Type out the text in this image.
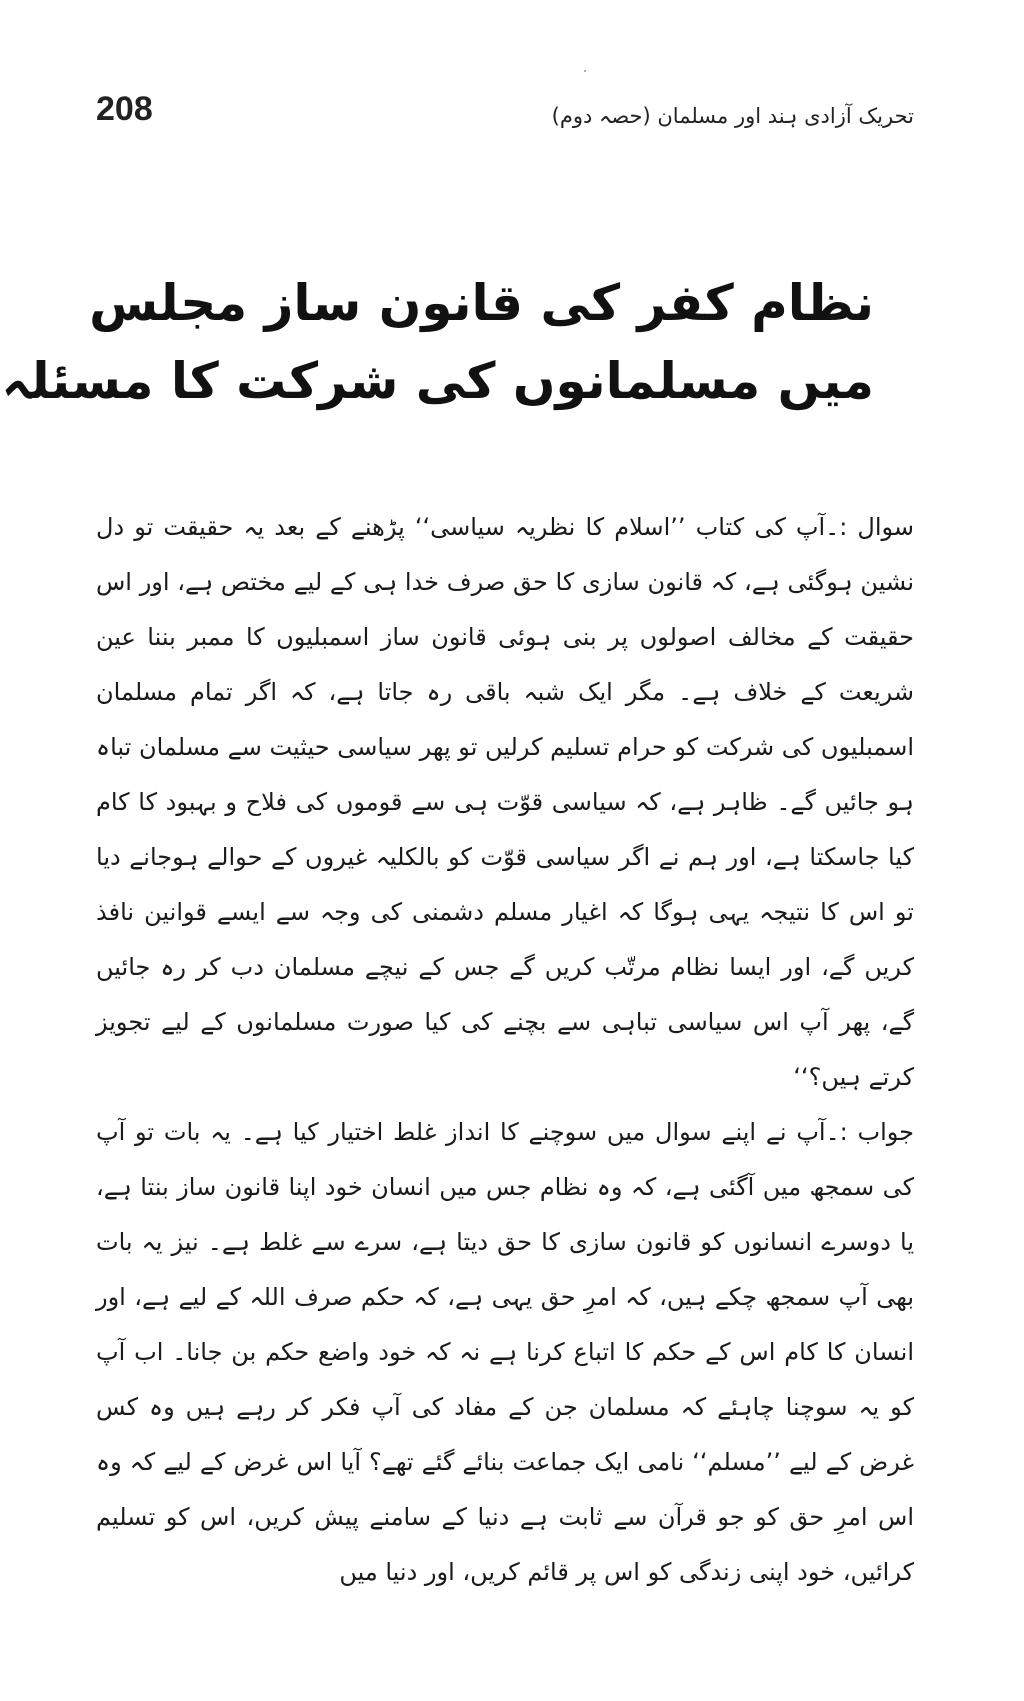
208	تحریک آزادی ہند اور مسلمان (حصہ دوم)
نظام کفر کی قانون ساز مجلس
میں مسلمانوں کی شرکت کا مسئلہ

سوال :۔آپ کی کتاب ’’اسلام کا نظریہ سیاسی‘‘ پڑھنے کے بعد یہ حقیقت تو دل نشین ہوگئی ہے، کہ قانون سازی کا حق صرف خدا ہی کے لیے مختص ہے، اور اس حقیقت کے مخالف اصولوں پر بنی ہوئی قانون ساز اسمبلیوں کا ممبر بننا عین شریعت کے خلاف ہے۔ مگر ایک شبہ باقی رہ جاتا ہے، کہ اگر تمام مسلمان اسمبلیوں کی شرکت کو حرام تسلیم کرلیں تو پھر سیاسی حیثیت سے مسلمان تباہ ہو جائیں گے۔ ظاہر ہے، کہ سیاسی قوّت ہی سے قوموں کی فلاح و بہبود کا کام کیا جاسکتا ہے، اور ہم نے اگر سیاسی قوّت کو بالکلیہ غیروں کے حوالے ہوجانے دیا تو اس کا نتیجہ یہی ہوگا کہ اغیار مسلم دشمنی کی وجہ سے ایسے قوانین نافذ کریں گے، اور ایسا نظام مرتّب کریں گے جس کے نیچے مسلمان دب کر رہ جائیں گے، پھر آپ اس سیاسی تباہی سے بچنے کی کیا صورت مسلمانوں کے لیے تجویز کرتے ہیں؟‘‘

جواب :۔آپ نے اپنے سوال میں سوچنے کا انداز غلط اختیار کیا ہے۔ یہ بات تو آپ کی سمجھ میں آگئی ہے، کہ وہ نظام جس میں انسان خود اپنا قانون ساز بنتا ہے، یا دوسرے انسانوں کو قانون سازی کا حق دیتا ہے، سرے سے غلط ہے۔ نیز یہ بات بھی آپ سمجھ چکے ہیں، کہ امرِ حق یہی ہے، کہ حکم صرف اللہ کے لیے ہے، اور انسان کا کام اس کے حکم کا اتباع کرنا ہے نہ کہ خود واضع حکم بن جانا۔ اب آپ کو یہ سوچنا چاہئے کہ مسلمان جن کے مفاد کی آپ فکر کر رہے ہیں وہ کس غرض کے لیے ’’مسلم‘‘ نامی ایک جماعت بنائے گئے تھے؟ آیا اس غرض کے لیے کہ وہ اس امرِ حق کو جو قرآن سے ثابت ہے دنیا کے سامنے پیش کریں، اس کو تسلیم کرائیں، خود اپنی زندگی کو اس پر قائم کریں، اور دنیا میں
